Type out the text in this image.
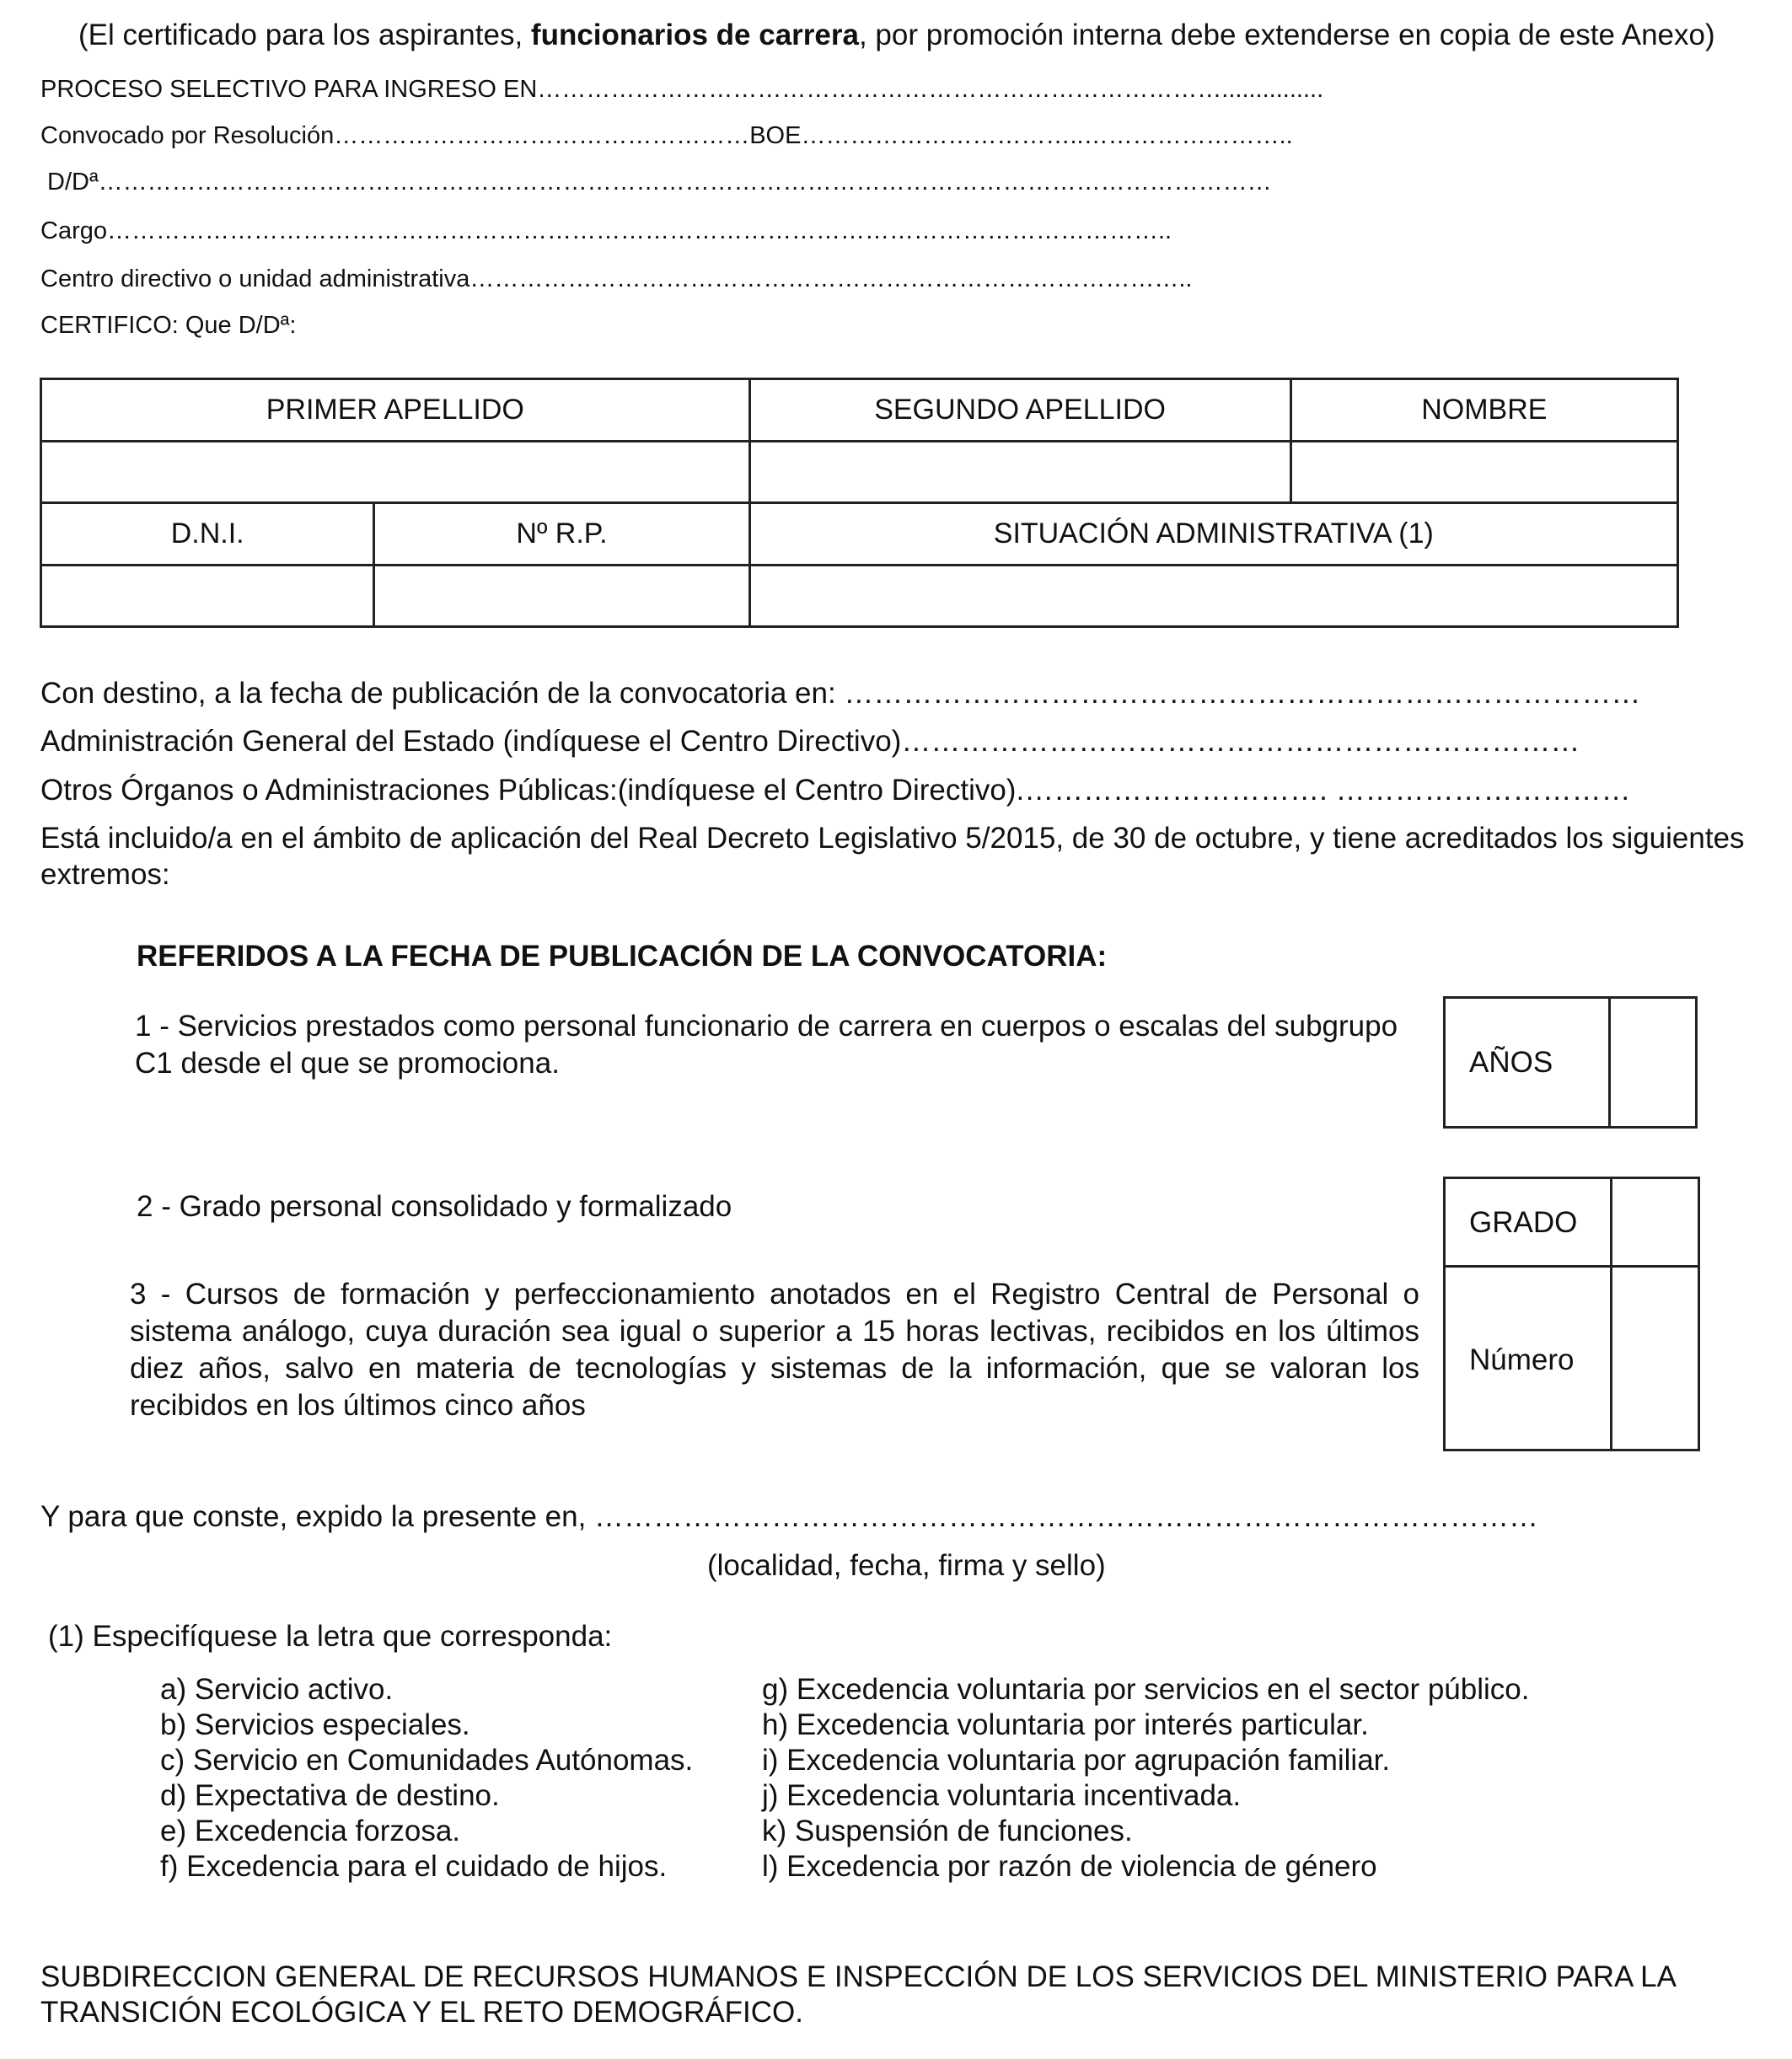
(El certificado para los aspirantes, funcionarios de carrera, por promoción interna debe extenderse en copia de este Anexo)
PROCESO SELECTIVO PARA INGRESO EN…………………………………………………………………………...............
Convocado por Resolución……………………………………………BOE……………………………..……………………..
D/Dª………………………………………………………………………………………………………………………………
Cargo…………………………………………………………………………………………………………………..
Centro directivo o unidad administrativa……………………………………………………………………………..
CERTIFICO: Que D/Dª:
PRIMER APELLIDO		SEGUNDO APELLIDO	NOMBRE

D.N.I.	Nº R.P.	SITUACIÓN ADMINISTRATIVA (1)	

Con destino, a la fecha de publicación de la convocatoria en: ………………………………………………………………………
Administración General del Estado (indíquese el Centro Directivo)……………………………………………………………
Otros Órganos o Administraciones Públicas:(indíquese el Centro Directivo).…………………………. …………………………
Está incluido/a en el ámbito de aplicación del Real Decreto Legislativo 5/2015, de 30 de octubre, y tiene acreditados los siguientes
extremos:
REFERIDOS A LA FECHA DE PUBLICACIÓN DE LA CONVOCATORIA:
1 - Servicios prestados como personal funcionario de carrera en cuerpos o escalas del subgrupo
C1 desde el que se promociona.	AÑOS
2 - Grado personal consolidado y formalizado
3 - Cursos de formación y perfeccionamiento anotados en el Registro Central de Personal o sistema análogo, cuya duración sea igual o superior a 15 horas lectivas, recibidos en los últimos diez años, salvo en materia de tecnologías y sistemas de la información, que se valoran los recibidos en los últimos cinco años
GRADO
Número
Y para que conste, expido la presente en, ……………………………………………………………………………………
(localidad, fecha, firma y sello)
(1) Especifíquese la letra que corresponda:
a) Servicio activo.
b) Servicios especiales.
c) Servicio en Comunidades Autónomas.
d) Expectativa de destino.
e) Excedencia forzosa.
f) Excedencia para el cuidado de hijos.
g) Excedencia voluntaria por servicios en el sector público.
h) Excedencia voluntaria por interés particular.
i) Excedencia voluntaria por agrupación familiar.
j) Excedencia voluntaria incentivada.
k) Suspensión de funciones.
l) Excedencia por razón de violencia de género
SUBDIRECCION GENERAL DE RECURSOS HUMANOS E INSPECCIÓN DE LOS SERVICIOS DEL MINISTERIO PARA LA
TRANSICIÓN ECOLÓGICA Y EL RETO DEMOGRÁFICO.
